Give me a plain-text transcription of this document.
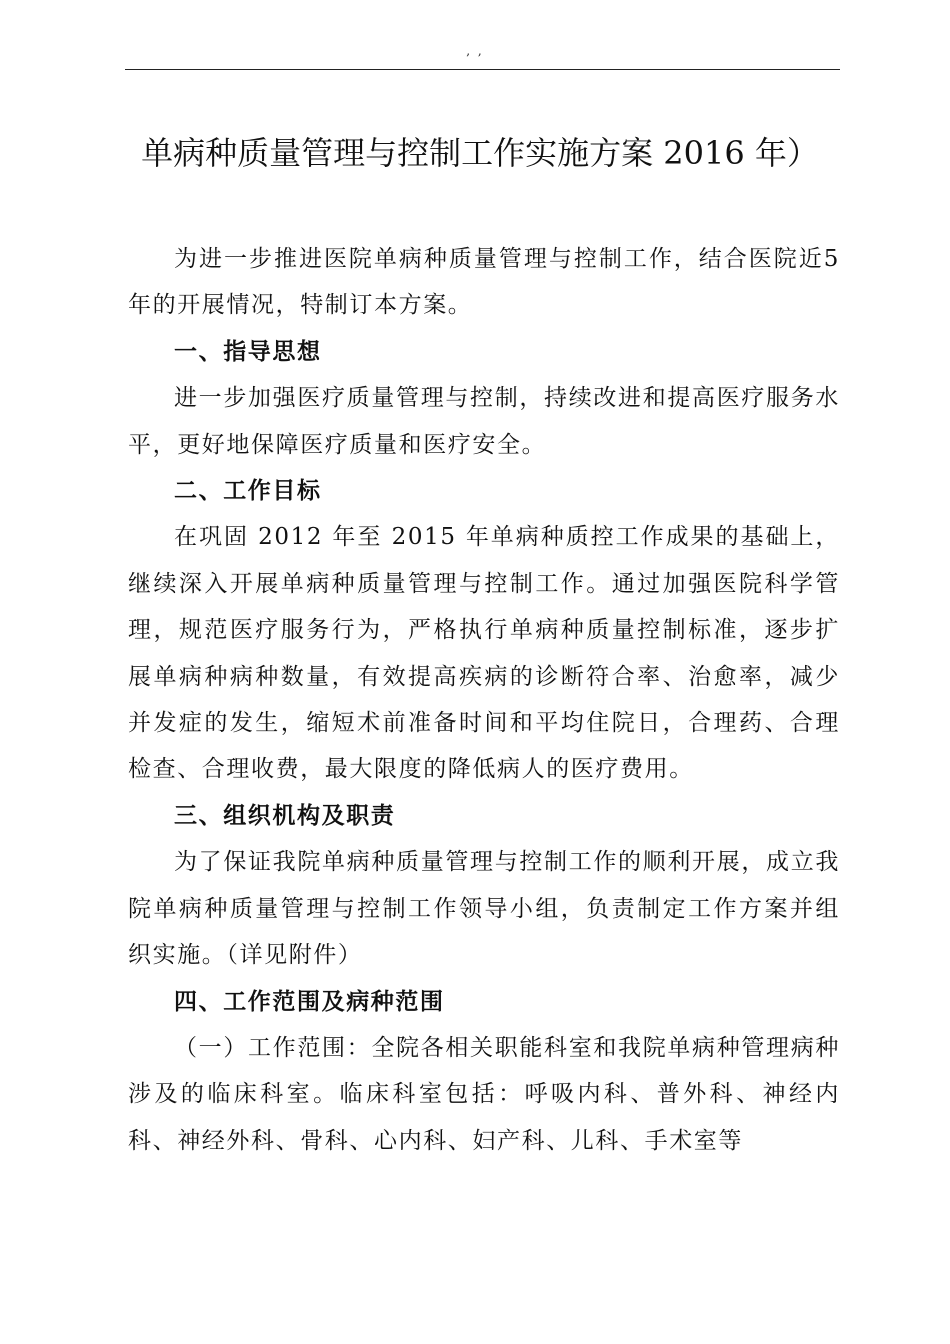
, ,
单病种质量管理与控制工作实施方案 2016 年）

为进一步推进医院单病种质量管理与控制工作，结合医院近5年的开展情况，特制订本方案。

一、指导思想

进一步加强医疗质量管理与控制，持续改进和提高医疗服务水平，更好地保障医疗质量和医疗安全。

二、工作目标

在巩固 2012 年至 2015 年单病种质控工作成果的基础上，继续深入开展单病种质量管理与控制工作。通过加强医院科学管理，规范医疗服务行为，严格执行单病种质量控制标准，逐步扩展单病种病种数量，有效提高疾病的诊断符合率、治愈率，减少并发症的发生，缩短术前准备时间和平均住院日，合理药、合理检查、合理收费，最大限度的降低病人的医疗费用。

三、组织机构及职责

为了保证我院单病种质量管理与控制工作的顺利开展，成立我院单病种质量管理与控制工作领导小组，负责制定工作方案并组织实施。（详见附件）

四、工作范围及病种范围

（一）工作范围：全院各相关职能科室和我院单病种管理病种涉及的临床科室。临床科室包括：呼吸内科、普外科、神经内科、神经外科、骨科、心内科、妇产科、儿科、手术室等
